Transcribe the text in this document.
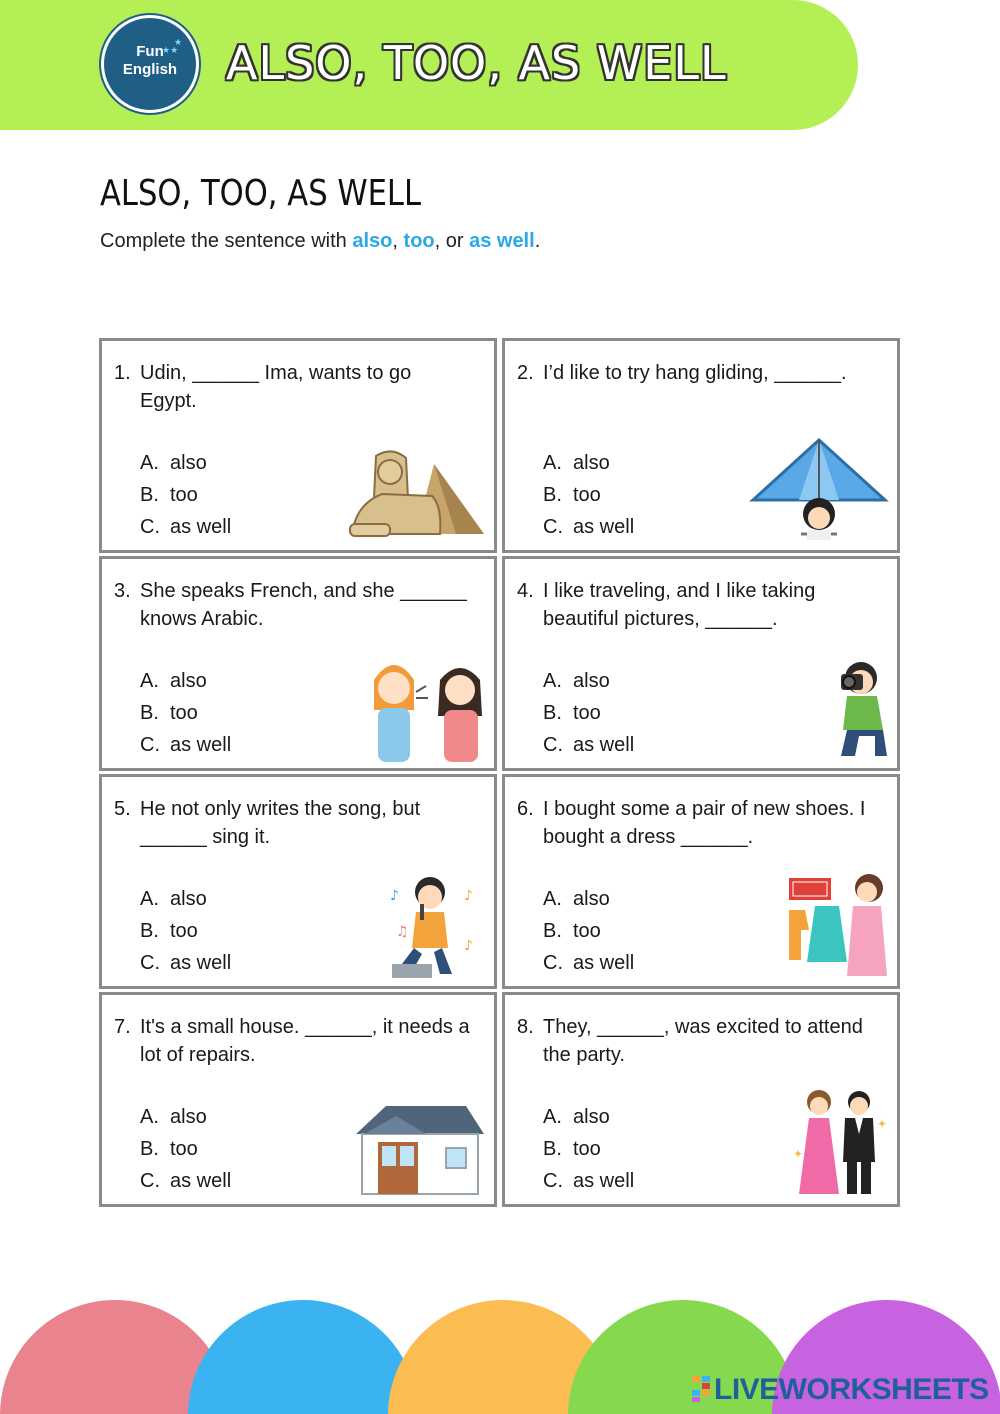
Fun
English
★★
★ ALSO, TOO, AS WELL
ALSO, TOO, AS WELL
Complete the sentence with also, too, or as well.
1. Udin, ______ Ima, wants to go Egypt.
A. also
B. too
C. as well
2. I’d like to try hang gliding, ______.
A. also
B. too
C. as well
3. She speaks French, and she ______ knows Arabic.
A. also
B. too
C. as well
4. I like traveling, and I like taking beautiful pictures, ______.
A. also
B. too
C. as well
5. He not only writes the song, but ______ sing it.
A. also
B. too
C. as well
♪	♪
♫
♪
6. I bought some a pair of new shoes. I bought a dress ______.
A. also
B. too
C. as well
7. It's a small house. ______, it needs a lot of repairs.
A. also
B. too
C. as well
8. They, ______, was excited to attend the party.
A. also
B. too
C. as well
✦
✦
LIVEWORKSHEETS
